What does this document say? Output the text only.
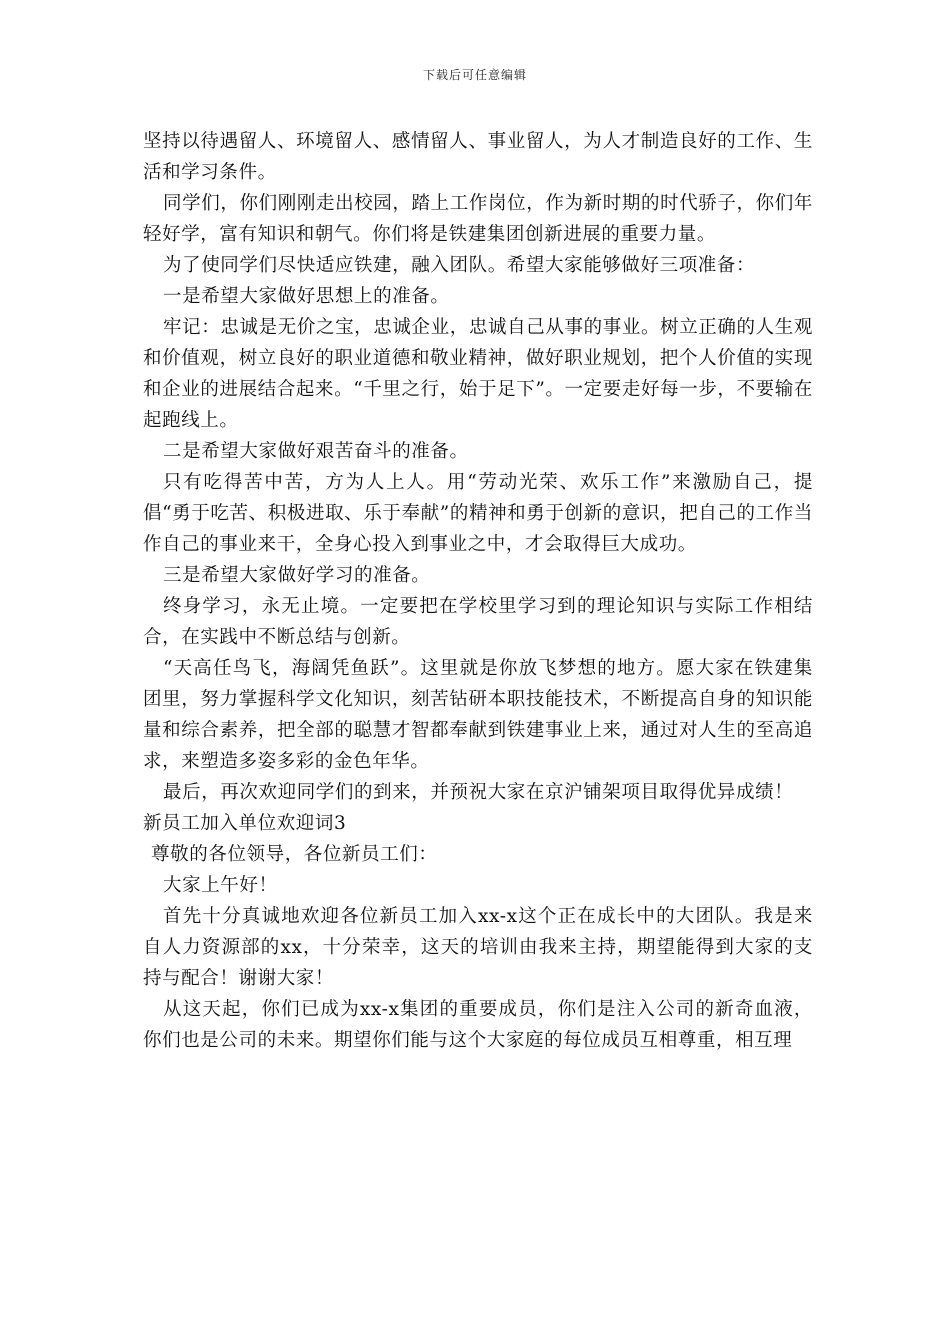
下载后可任意编辑

坚持以待遇留人、环境留人、感情留人、事业留人，为人才制造良好的工作、生活和学习条件。

同学们，你们刚刚走出校园，踏上工作岗位，作为新时期的时代骄子，你们年轻好学，富有知识和朝气。你们将是铁建集团创新进展的重要力量。

为了使同学们尽快适应铁建，融入团队。希望大家能够做好三项准备：

一是希望大家做好思想上的准备。

牢记：忠诚是无价之宝，忠诚企业，忠诚自己从事的事业。树立正确的人生观和价值观，树立良好的职业道德和敬业精神，做好职业规划，把个人价值的实现和企业的进展结合起来。“千里之行，始于足下”。一定要走好每一步，不要输在起跑线上。

二是希望大家做好艰苦奋斗的准备。

只有吃得苦中苦，方为人上人。用“劳动光荣、欢乐工作”来激励自己，提倡“勇于吃苦、积极进取、乐于奉献”的精神和勇于创新的意识，把自己的工作当作自己的事业来干，全身心投入到事业之中，才会取得巨大成功。

三是希望大家做好学习的准备。

终身学习，永无止境。一定要把在学校里学习到的理论知识与实际工作相结合，在实践中不断总结与创新。

“天高任鸟飞，海阔凭鱼跃”。这里就是你放飞梦想的地方。愿大家在铁建集团里，努力掌握科学文化知识，刻苦钻研本职技能技术，不断提高自身的知识能量和综合素养，把全部的聪慧才智都奉献到铁建事业上来，通过对人生的至高追求，来塑造多姿多彩的金色年华。

最后，再次欢迎同学们的到来，并预祝大家在京沪铺架项目取得优异成绩！

新员工加入单位欢迎词3

尊敬的各位领导，各位新员工们：

大家上午好！

首先十分真诚地欢迎各位新员工加入xx-x这个正在成长中的大团队。我是来自人力资源部的xx，十分荣幸，这天的培训由我来主持，期望能得到大家的支持与配合！谢谢大家！

从这天起，你们已成为xx-x集团的重要成员，你们是注入公司的新奇血液，你们也是公司的未来。期望你们能与这个大家庭的每位成员互相尊重，相互理
